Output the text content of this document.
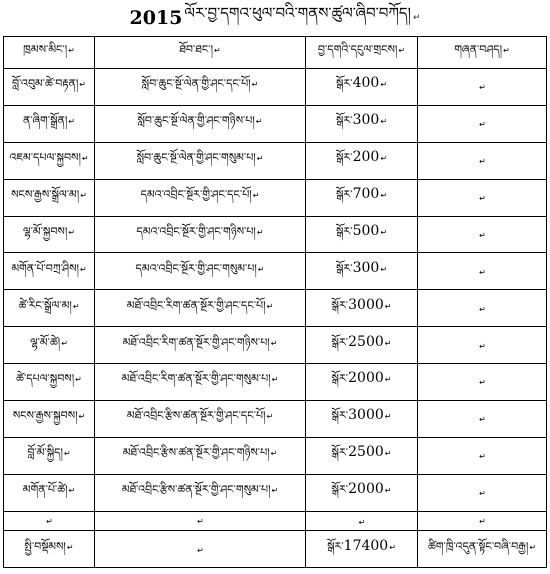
2015 ལོར་བྱ་དགའ་ཕུལ་བའི་གནས་ཚུལ་ཞིབ་བཀོད། ↵
ཁྲམས་མིང་།↵	ཐོབ་ཐང་།↵	བྱ་དགའི་དངུལ་གྲངས།↵	གཞན་བཤད།↵
བློ་འབུམ་ཚེ་བརྟན།↵	སློབ་ཆུང་སྔོ་ལེན་གྱི་ཤང་དང་པོ།↵	སྒོར་400↵	↵
ན་ཞིག་སྒྲོན།↵	སློབ་ཆུང་སྔོ་ལེན་གྱི་ཤང་གཉིས་པ།↵	སྒོར་300↵	↵
འཇམ་དཔལ་སྐྱབས།↵	སློབ་ཆུང་སྔོ་ལེན་གྱི་ཤང་གསུམ་པ།↵	སྒོར་200↵	↵
སངས་རྒྱས་སྒྲོལ་མ།↵	དམའ་འབྲིང་སྔོར་གྱི་ཤང་དང་པོ།↵	སྒོར་700↵	↵
ལྷ་མོ་སྐྱབས།↵	དམའ་འབྲིང་སྔོར་གྱི་ཤང་གཉིས་པ།↵	སྒོར་500↵	↵
མགོན་པོ་བཀྲ་ཤིས།↵	དམའ་འབྲིང་སྔོར་གྱི་ཤང་གསུམ་པ།↵	སྒོར་300↵	↵
ཚེ་རིང་སྒྲོལ་མ།↵	མཐོ་འབྲིང་རིག་ཚན་སྔོར་གྱི་ཤང་དང་པོ།↵	སྒོར་3000↵	↵
ལྷ་མོ་ཚེ།↵	མཐོ་འབྲིང་རིག་ཚན་སྔོར་གྱི་ཤང་གཉིས་པ།↵	སྒོར་2500↵	↵
ཚེ་དཔལ་སྐྱབས།↵	མཐོ་འབྲིང་རིག་ཚན་སྔོར་གྱི་ཤང་གསུམ་པ།↵	སྒོར་2000↵	↵
སངས་རྒྱས་སྐྱབས།↵	མཐོ་འབྲིང་རྩིས་ཚན་སྔོར་གྱི་ཤང་དང་པོ།↵	སྒོར་3000↵	↵
བློ་མོ་སྐྱིད།↵	མཐོ་འབྲིང་རྩིས་ཚན་སྔོར་གྱི་ཤང་གཉིས་པ།↵	སྒོར་2500↵	↵
མགོན་པོ་ཚེ།↵	མཐོ་འབྲིང་རྩིས་ཚན་སྔོར་གྱི་ཤང་གསུམ་པ།↵	སྒོར་2000↵	↵
↵	↵	↵	↵
སྤྱི་བསྡོམས།↵	↵	སྒོར་17400↵	ཚིག་ཁྲི་འདུན་སྟོང་བཞི་བརྒྱ།↵
